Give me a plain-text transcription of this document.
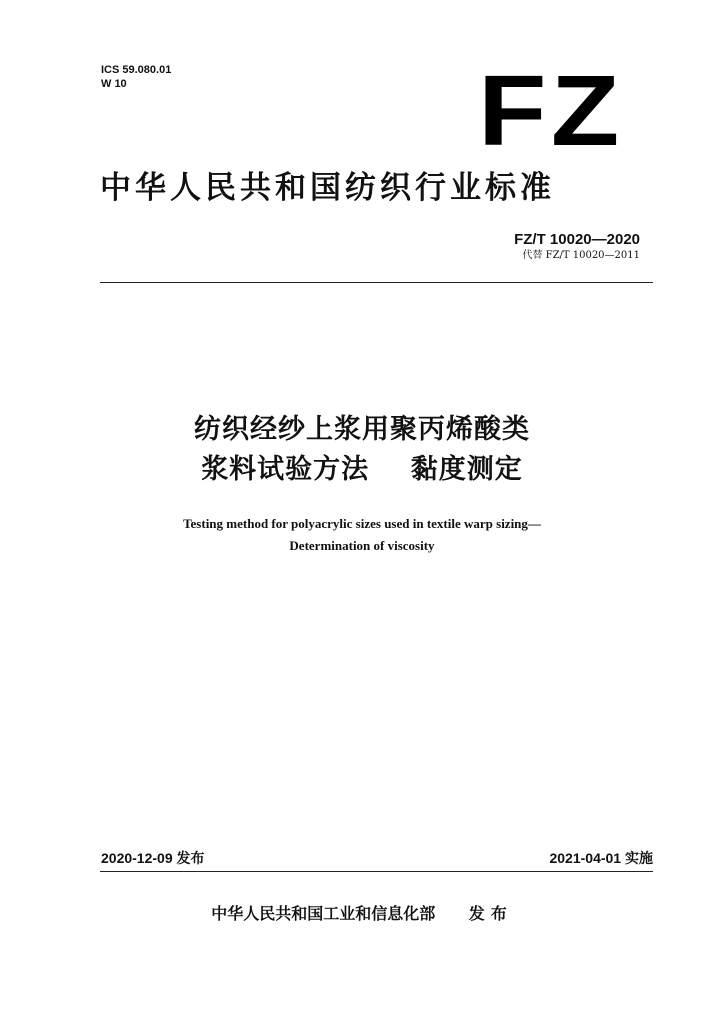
ICS 59.080.01
W 10	FZ
中华人民共和国纺织行业标准
FZ/T 10020—2020
代替 FZ/T 10020—2011
纺织经纱上浆用聚丙烯酸类
浆料试验方法    黏度测定
Testing method for polyacrylic sizes used in textile warp sizing—
Determination of viscosity
2020-12-09 发布	2021-04-01 实施
中华人民共和国工业和信息化部 发布
